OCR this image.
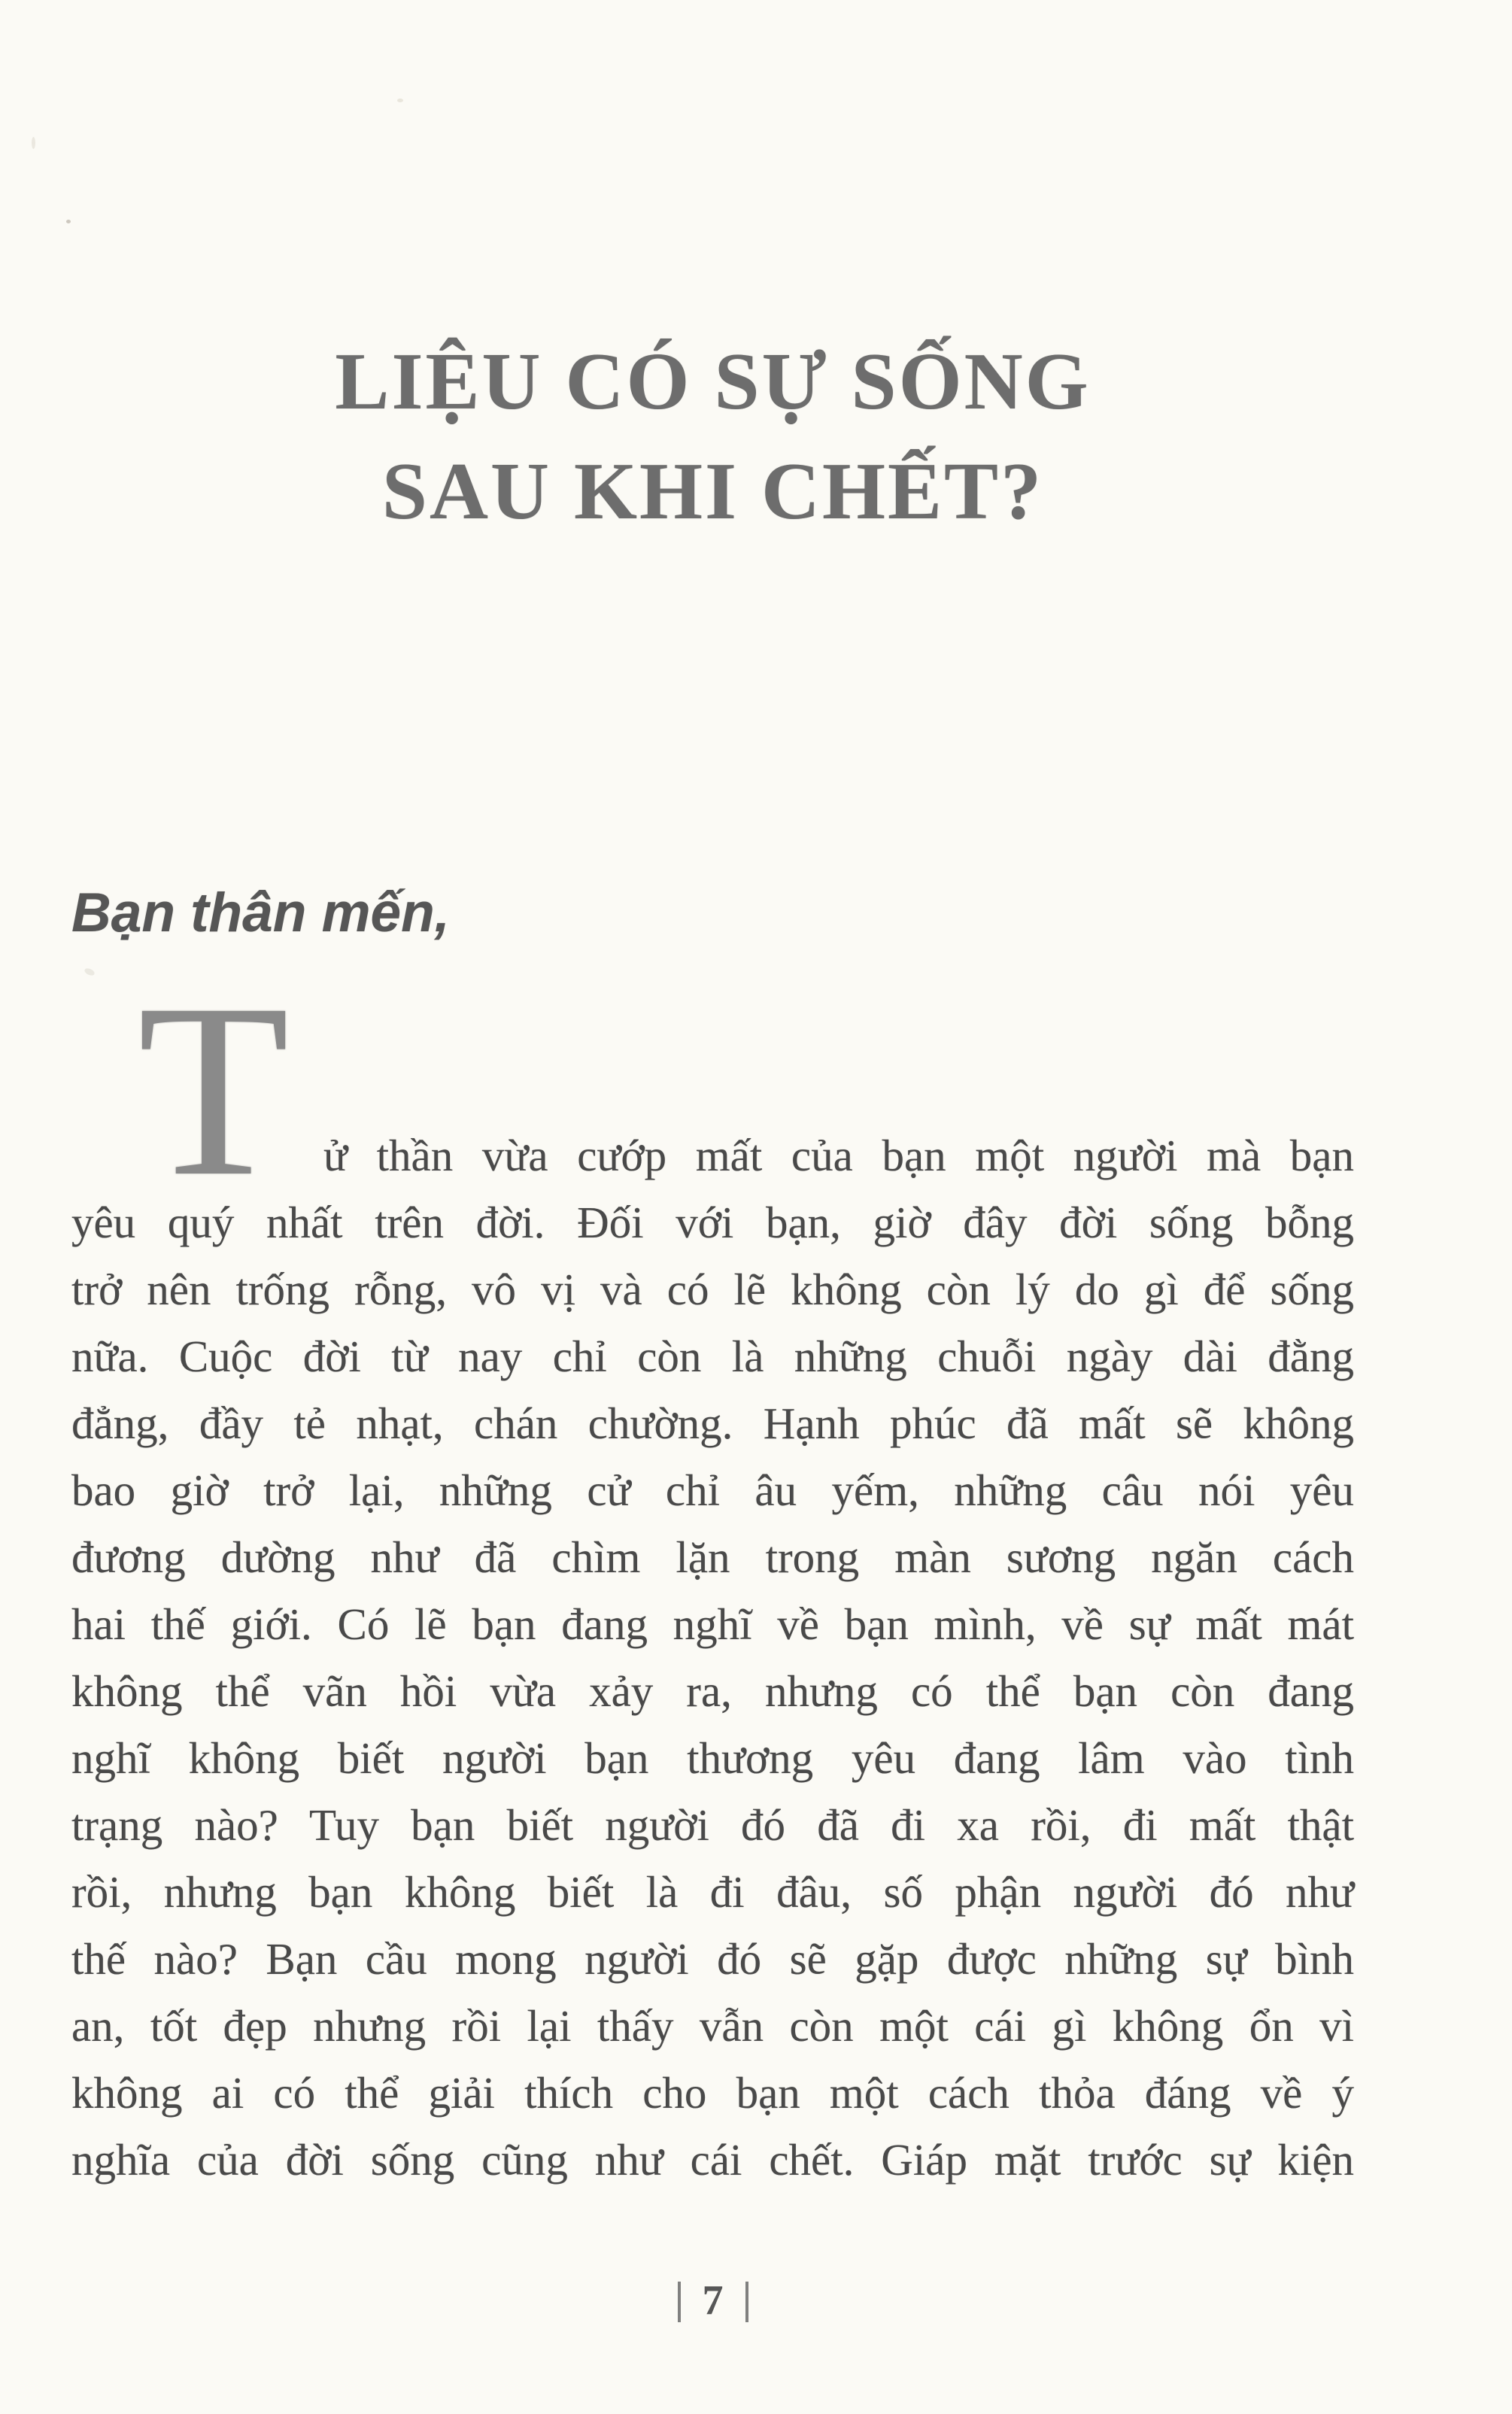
LIỆU CÓ SỰ SỐNG
SAU KHI CHẾT?

Bạn thân mến,

T ử thần vừa cướp mất của bạn một người mà bạn
yêu quý nhất trên đời. Đối với bạn, giờ đây đời sống bỗng
trở nên trống rỗng, vô vị và có lẽ không còn lý do gì để sống
nữa. Cuộc đời từ nay chỉ còn là những chuỗi ngày dài đằng
đẳng, đầy tẻ nhạt, chán chường. Hạnh phúc đã mất sẽ không
bao giờ trở lại, những cử chỉ âu yếm, những câu nói yêu
đương dường như đã chìm lặn trong màn sương ngăn cách
hai thế giới. Có lẽ bạn đang nghĩ về bạn mình, về sự mất mát
không thể vãn hồi vừa xảy ra, nhưng có thể bạn còn đang
nghĩ không biết người bạn thương yêu đang lâm vào tình
trạng nào? Tuy bạn biết người đó đã đi xa rồi, đi mất thật
rồi, nhưng bạn không biết là đi đâu, số phận người đó như
thế nào? Bạn cầu mong người đó sẽ gặp được những sự bình
an, tốt đẹp nhưng rồi lại thấy vẫn còn một cái gì không ổn vì
không ai có thể giải thích cho bạn một cách thỏa đáng về ý
nghĩa của đời sống cũng như cái chết. Giáp mặt trước sự kiện
7
